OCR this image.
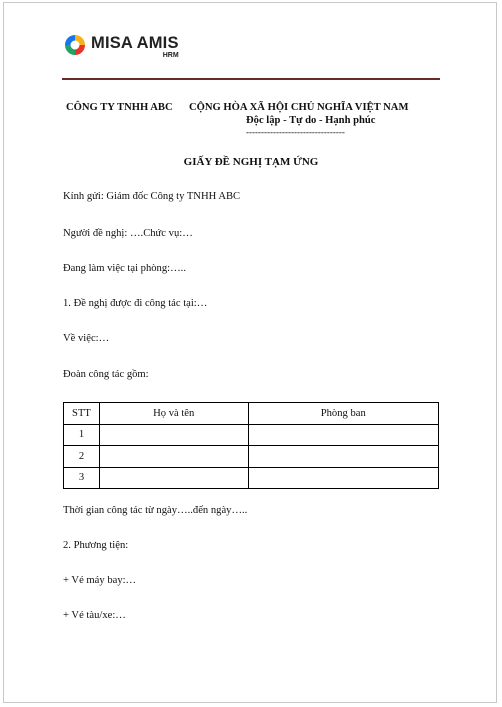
MISA AMIS
HRM
CÔNG TY TNHH ABC CỘNG HÒA XÃ HỘI CHỦ NGHĨA VIỆT NAM
Độc lập - Tự do - Hạnh phúc
---------------------------------
GIẤY ĐỀ NGHỊ TẠM ỨNG
Kính gửi: Giám đốc Công ty TNHH ABC
Người đề nghị: ….Chức vụ:…
Đang làm việc tại phòng:…..
1. Đề nghị được đi công tác tại:…
Về việc:…
Đoàn công tác gồm:
STT	Họ và tên	Phòng ban
1		
2		
3		
Thời gian công tác từ ngày…..đến ngày…..
2. Phương tiện:
+ Vé máy bay:…
+ Vé tàu/xe:…
